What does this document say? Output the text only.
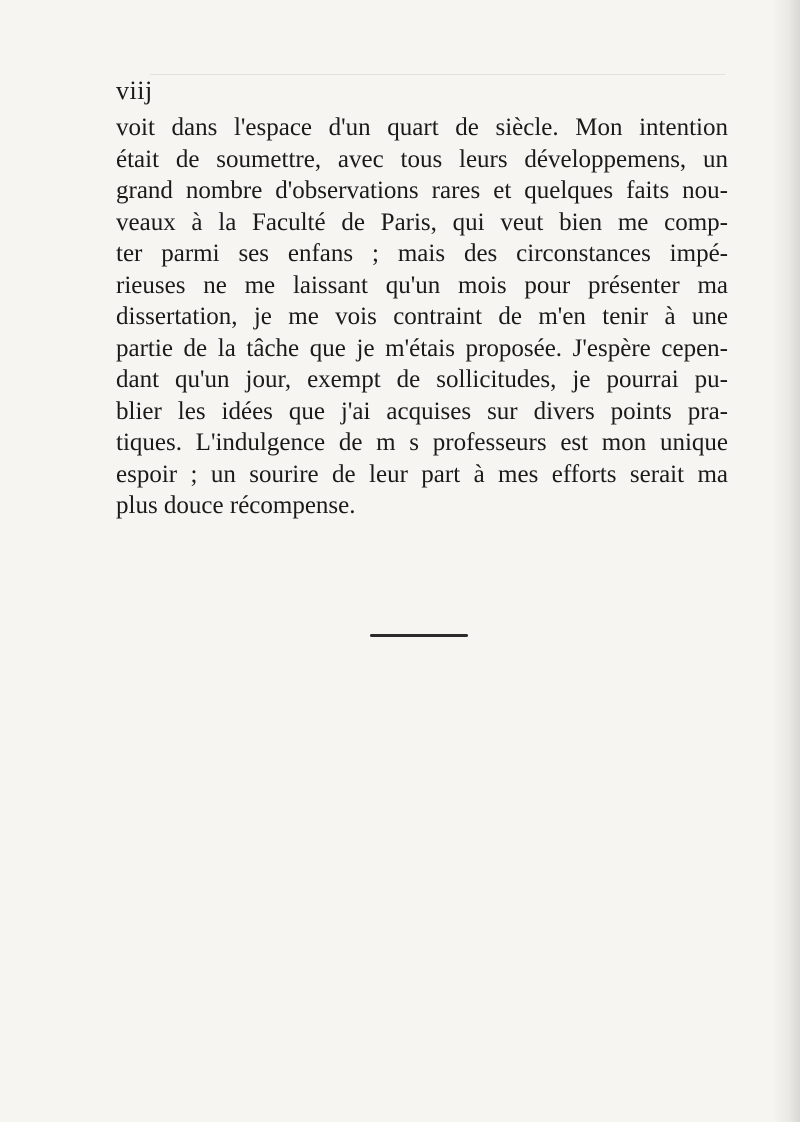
viij
voit dans l'espace d'un quart de siècle. Mon intention
était de soumettre, avec tous leurs développemens, un
grand nombre d'observations rares et quelques faits nou-
veaux à la Faculté de Paris, qui veut bien me comp-
ter parmi ses enfans ; mais des circonstances impé-
rieuses ne me laissant qu'un mois pour présenter ma
dissertation, je me vois contraint de m'en tenir à une
partie de la tâche que je m'étais proposée. J'espère cepen-
dant qu'un jour, exempt de sollicitudes, je pourrai pu-
blier les idées que j'ai acquises sur divers points pra-
tiques. L'indulgence de m s professeurs est mon unique
espoir ; un sourire de leur part à mes efforts serait ma
plus douce récompense.
